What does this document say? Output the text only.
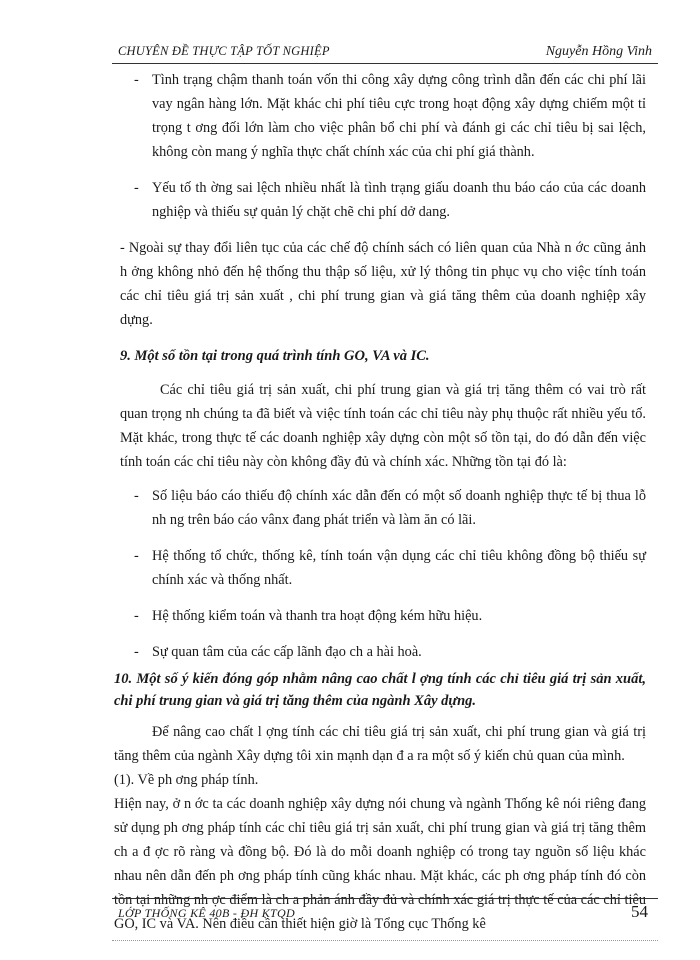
CHUYÊN ĐỀ THỰC TẬP TỐT NGHIỆP	Nguyễn Hồng Vinh
- Tình trạng chậm thanh toán vốn thi công xây dựng công trình dẫn đến các chi phí lãi vay ngân hàng lớn. Mặt khác chi phí tiêu cực trong hoạt động xây dựng chiếm một tỉ trọng t ơng đối lớn làm cho việc phân bổ chi phí và đánh gi các chỉ tiêu bị sai lệch, không còn mang ý nghĩa thực chất chính xác của chi phí giá thành.
- Yếu tố th ờng sai lệch nhiều nhất là tình trạng giấu doanh thu báo cáo của các doanh nghiệp và thiếu sự quản lý chặt chẽ chi phí dở dang.
- Ngoài sự thay đổi liên tục của các chế độ chính sách có liên quan của Nhà n ớc cũng ảnh h ởng không nhỏ đến hệ thống thu thập số liệu, xử lý thông tin phục vụ cho việc tính toán các chỉ tiêu giá trị sản xuất , chi phí trung gian và giá tăng thêm của doanh nghiệp xây dựng.
9. Một số tồn tại trong quá trình tính GO, VA và IC.
Các chỉ tiêu giá trị sản xuất, chi phí trung gian và giá trị tăng thêm có vai trò rất quan trọng nh chúng ta đã biết và việc tính toán các chỉ tiêu này phụ thuộc rất nhiều yếu tố. Mặt khác, trong thực tế các doanh nghiệp xây dựng còn một số tồn tại, do đó dẫn đến việc tính toán các chỉ tiêu này còn không đầy đủ và chính xác. Những tồn tại đó là:
- Số liệu báo cáo thiếu độ chính xác dẫn đến có một số doanh nghiệp thực tế bị thua lỗ nh ng trên báo cáo vânx đang phát triển và làm ăn có lãi.
- Hệ thống tổ chức, thống kê, tính toán vận dụng các chỉ tiêu không đồng bộ thiếu sự chính xác và thống nhất.
- Hệ thống kiểm toán và thanh tra hoạt động kém hữu hiệu.
- Sự quan tâm của các cấp lãnh đạo ch a hài hoà.
10. Một số ý kiến đóng góp nhằm nâng cao chất l ợng tính các chỉ tiêu giá trị sản xuất, chi phí trung gian và giá trị tăng thêm của ngành Xây dựng.
Để nâng cao chất l ợng tính các chỉ tiêu giá trị sản xuất, chi phí trung gian và giá trị tăng thêm của ngành Xây dựng tôi xin mạnh dạn đ a ra một số ý kiến chủ quan của mình.
(1). Về ph ơng pháp tính.
Hiện nay, ở n ớc ta các doanh nghiệp xây dựng nói chung và ngành Thống kê nói riêng đang sử dụng ph ơng pháp tính các chỉ tiêu giá trị sản xuất, chi phí trung gian và giá trị tăng thêm ch a đ ợc rõ ràng và đồng bộ. Đó là do mỗi doanh nghiệp có trong tay nguồn số liệu khác nhau nên dẫn đến ph ơng pháp tính cũng khác nhau. Mặt khác, các ph ơng pháp tính đó còn tồn tại những nh ợc điểm là ch a phản ánh đầy đủ và chính xác giá trị thực tế của các chỉ tiêu GO, IC và VA. Nên điều cần thiết hiện giờ là Tổng cục Thống kê
LỚP THỐNG KÊ 40B - ĐH KTQD	54
